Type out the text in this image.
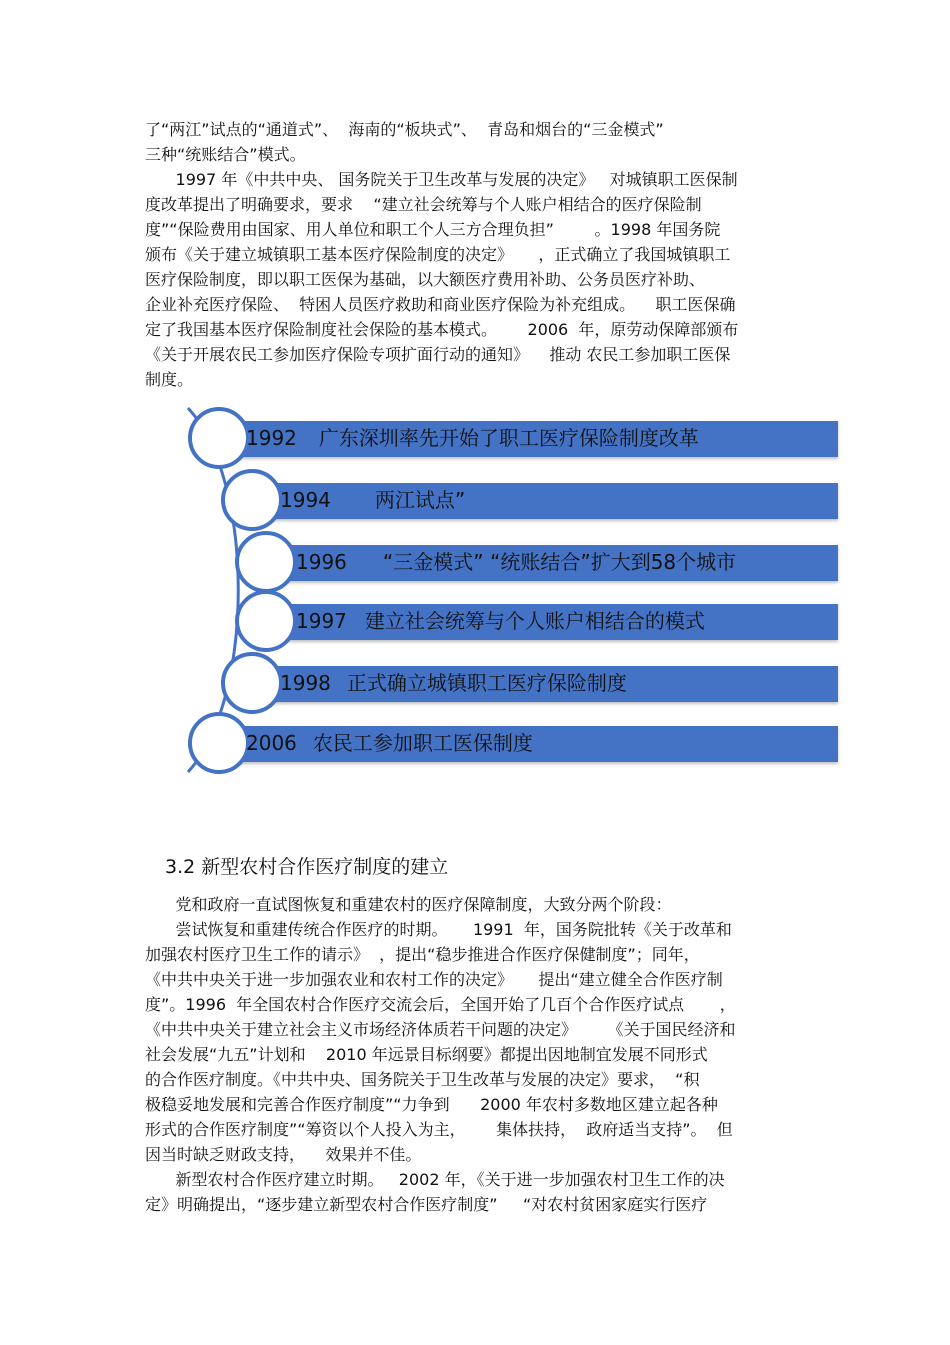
了“两江”试点的“通道式”、  海南的“板块式”、  青岛和烟台的“三金模式”
三种“统账结合”模式。
1997 年《中共中央、 国务院关于卫生改革与发展的决定》   对城镇职工医保制
度改革提出了明确要求，要求    “建立社会统筹与个人账户相结合的医疗保险制
度”“保险费用由国家、用人单位和职工个人三方合理负担”        。1998 年国务院
颁布《关于建立城镇职工基本医疗保险制度的决定》     ，正式确立了我国城镇职工
医疗保险制度，即以职工医保为基础，以大额医疗费用补助、公务员医疗补助、
企业补充医疗保险、  特困人员医疗救助和商业医疗保险为补充组成。    职工医保确
定了我国基本医疗保险制度社会保险的基本模式。      2006  年，原劳动保障部颁布
《关于开展农民工参加医疗保险专项扩面行动的通知》    推动 农民工参加职工医保
制度。
1992 广东深圳率先开始了职工医疗保险制度改革
1994 两江试点”
1996 “三金模式” “统账结合”扩大到58个城市
1997 建立社会统筹与个人账户相结合的模式
1998 正式确立城镇职工医疗保险制度
2006 农民工参加职工医保制度
3.2 新型农村合作医疗制度的建立
党和政府一直试图恢复和重建农村的医疗保障制度，大致分两个阶段：
尝试恢复和重建传统合作医疗的时期。     1991  年，国务院批转《关于改革和
加强农村医疗卫生工作的请示》  ，提出“稳步推进合作医疗保健制度”；同年，
《中共中央关于进一步加强农业和农村工作的决定》     提出“建立健全合作医疗制
度”。1996  年全国农村合作医疗交流会后，全国开始了几百个合作医疗试点       ，
《中共中央关于建立社会主义市场经济体质若干问题的决定》      《关于国民经济和
社会发展“九五”计划和    2010 年远景目标纲要》都提出因地制宜发展不同形式
的合作医疗制度。《中共中央、国务院关于卫生改革与发展的决定》要求，  “积
极稳妥地发展和完善合作医疗制度”“力争到      2000 年农村多数地区建立起各种
形式的合作医疗制度”“筹资以个人投入为主，      集体扶持，  政府适当支持”。  但
因当时缺乏财政支持，    效果并不佳。
新型农村合作医疗建立时期。   2002 年，《关于进一步加强农村卫生工作的决
定》明确提出，“逐步建立新型农村合作医疗制度”     “对农村贫困家庭实行医疗
